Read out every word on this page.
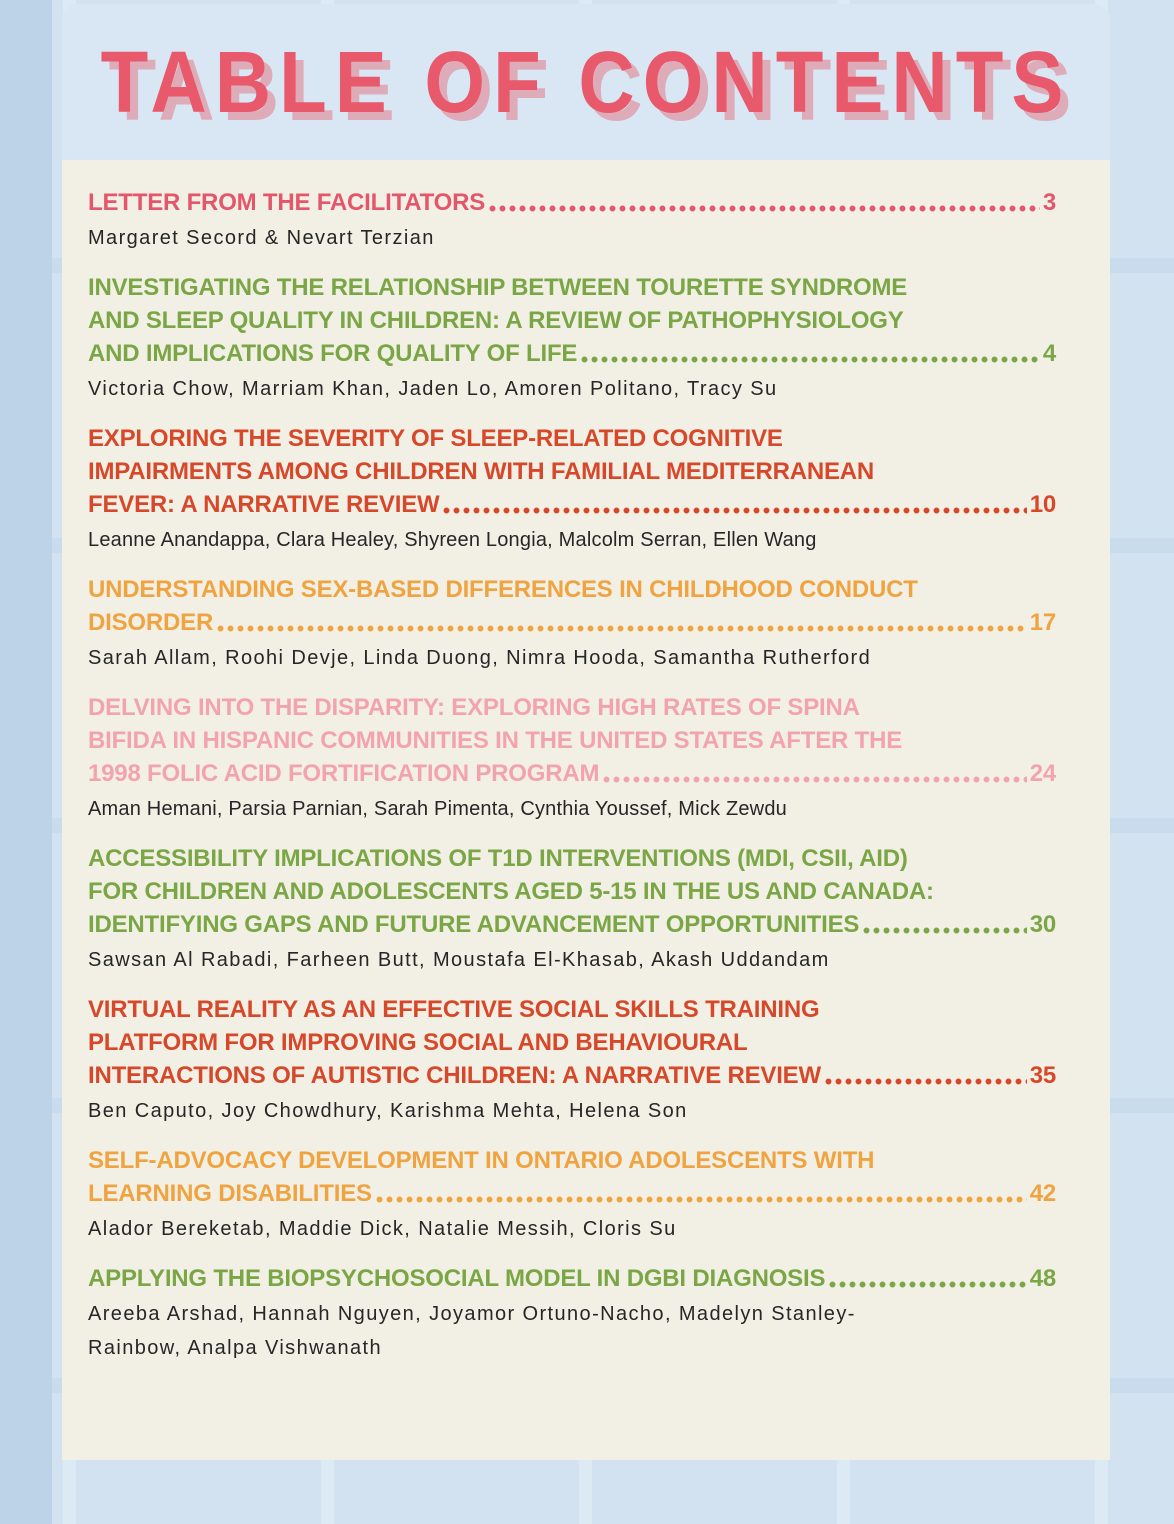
TABLE OF CONTENTS
LETTER FROM THE FACILITATORS	3
Margaret Secord & Nevart Terzian
INVESTIGATING THE RELATIONSHIP BETWEEN TOURETTE SYNDROME
AND SLEEP QUALITY IN CHILDREN: A REVIEW OF PATHOPHYSIOLOGY
AND IMPLICATIONS FOR QUALITY OF LIFE	4
Victoria Chow, Marriam Khan, Jaden Lo, Amoren Politano, Tracy Su
EXPLORING THE SEVERITY OF SLEEP-RELATED COGNITIVE
IMPAIRMENTS AMONG CHILDREN WITH FAMILIAL MEDITERRANEAN
FEVER: A NARRATIVE REVIEW	10
Leanne Anandappa, Clara Healey, Shyreen Longia, Malcolm Serran, Ellen Wang
UNDERSTANDING SEX-BASED DIFFERENCES IN CHILDHOOD CONDUCT
DISORDER	17
Sarah Allam, Roohi Devje, Linda Duong, Nimra Hooda, Samantha Rutherford
DELVING INTO THE DISPARITY: EXPLORING HIGH RATES OF SPINA
BIFIDA IN HISPANIC COMMUNITIES IN THE UNITED STATES AFTER THE
1998 FOLIC ACID FORTIFICATION PROGRAM	24
Aman Hemani, Parsia Parnian, Sarah Pimenta, Cynthia Youssef, Mick Zewdu
ACCESSIBILITY IMPLICATIONS OF T1D INTERVENTIONS (MDI, CSII, AID)
FOR CHILDREN AND ADOLESCENTS AGED 5-15 IN THE US AND CANADA:
IDENTIFYING GAPS AND FUTURE ADVANCEMENT OPPORTUNITIES	30
Sawsan Al Rabadi, Farheen Butt, Moustafa El-Khasab, Akash Uddandam
VIRTUAL REALITY AS AN EFFECTIVE SOCIAL SKILLS TRAINING
PLATFORM FOR IMPROVING SOCIAL AND BEHAVIOURAL
INTERACTIONS OF AUTISTIC CHILDREN: A NARRATIVE REVIEW	35
Ben Caputo, Joy Chowdhury, Karishma Mehta, Helena Son
SELF-ADVOCACY DEVELOPMENT IN ONTARIO ADOLESCENTS WITH
LEARNING DISABILITIES	42
Alador Bereketab, Maddie Dick, Natalie Messih, Cloris Su
APPLYING THE BIOPSYCHOSOCIAL MODEL IN DGBI DIAGNOSIS	48
Areeba Arshad, Hannah Nguyen, Joyamor Ortuno-Nacho, Madelyn Stanley-
Rainbow, Analpa Vishwanath
